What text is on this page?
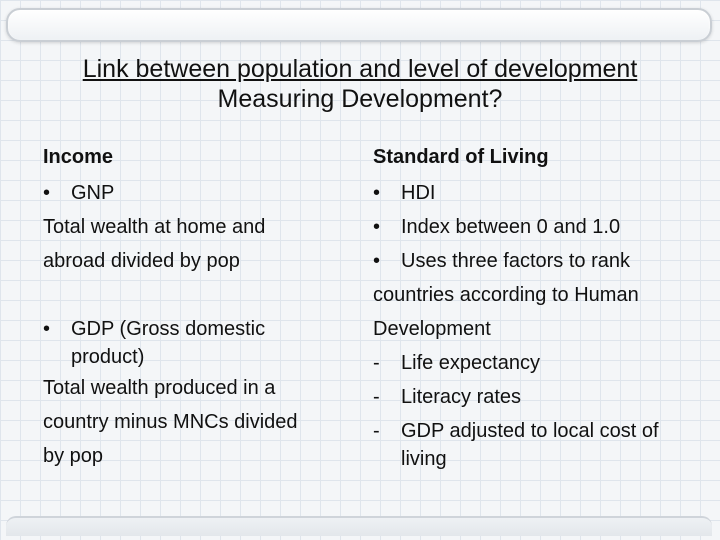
Link between population and level of development
Measuring Development?
Income
•	GNP
Total wealth at home and
abroad divided by pop
•	GDP (Gross domestic product)
Total wealth produced in a
country minus MNCs divided
by pop
Standard of Living
•	HDI
•	Index between 0 and 1.0
•	Uses three factors to rank
countries according to Human
Development
-	Life expectancy
-	Literacy rates
-	GDP adjusted to local cost of living
